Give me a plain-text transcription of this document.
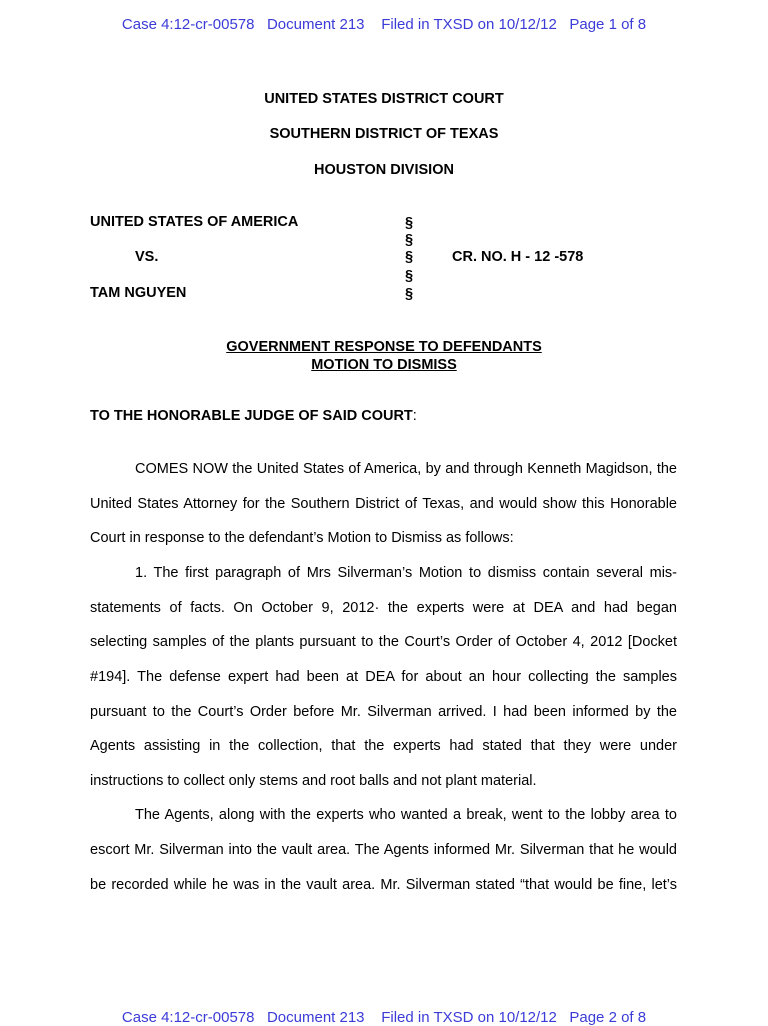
Case 4:12-cr-00578   Document 213    Filed in TXSD on 10/12/12   Page 1 of 8
UNITED STATES DISTRICT COURT
SOUTHERN DISTRICT OF TEXAS
HOUSTON DIVISION
UNITED STATES OF AMERICA
VS.
TAM NGUYEN
§
§
§
§
§
CR. NO. H - 12 -578
GOVERNMENT RESPONSE TO DEFENDANTS
MOTION TO DISMISS
TO THE HONORABLE JUDGE OF SAID COURT:
COMES NOW the United States of America, by and through Kenneth Magidson, the
United States Attorney for the Southern District of Texas, and would show this Honorable
Court in response to the defendant’s Motion to Dismiss as follows:
1. The first paragraph of Mrs Silverman’s Motion to dismiss contain several mis-
statements of facts. On October 9, 2012· the experts were at DEA and had began
selecting samples of the plants pursuant to the Court’s Order of October 4, 2012 [Docket
#194]. The defense expert had been at DEA for about an hour collecting the samples
pursuant to the Court’s Order before Mr. Silverman arrived. I had been informed by the
Agents assisting in the collection, that the experts had stated that they were under
instructions to collect only stems and root balls and not plant material.
The Agents, along with the experts who wanted a break, went to the lobby area to
escort Mr. Silverman into the vault area. The Agents informed Mr. Silverman that he would
be recorded while he was in the vault area. Mr. Silverman stated “that would be fine, let’s
Case 4:12-cr-00578   Document 213    Filed in TXSD on 10/12/12   Page 2 of 8
